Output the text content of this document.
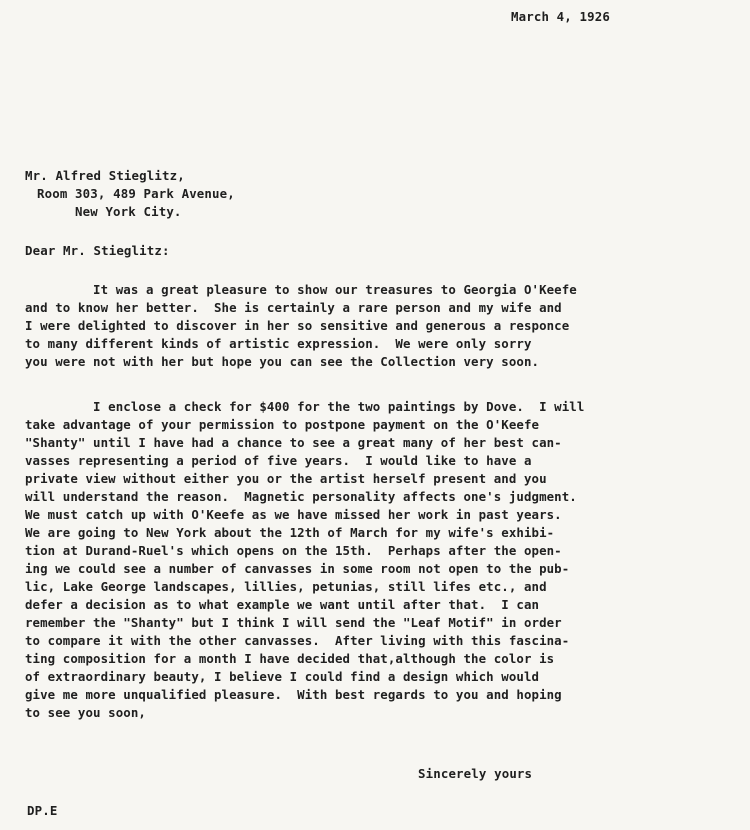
March 4, 1926
Mr. Alfred Stieglitz,
Room 303, 489 Park Avenue,
New York City.
Dear Mr. Stieglitz:
It was a great pleasure to show our treasures to Georgia O'Keefe
and to know her better.  She is certainly a rare person and my wife and
I were delighted to discover in her so sensitive and generous a responce
to many different kinds of artistic expression.  We were only sorry
you were not with her but hope you can see the Collection very soon.
I enclose a check for $400 for the two paintings by Dove.  I will
take advantage of your permission to postpone payment on the O'Keefe
"Shanty" until I have had a chance to see a great many of her best can-
vasses representing a period of five years.  I would like to have a
private view without either you or the artist herself present and you
will understand the reason.  Magnetic personality affects one's judgment.
We must catch up with O'Keefe as we have missed her work in past years.
We are going to New York about the 12th of March for my wife's exhibi-
tion at Durand-Ruel's which opens on the 15th.  Perhaps after the open-
ing we could see a number of canvasses in some room not open to the pub-
lic, Lake George landscapes, lillies, petunias, still lifes etc., and
defer a decision as to what example we want until after that.  I can
remember the "Shanty" but I think I will send the "Leaf Motif" in order
to compare it with the other canvasses.  After living with this fascina-
ting composition for a month I have decided that,although the color is
of extraordinary beauty, I believe I could find a design which would
give me more unqualified pleasure.  With best regards to you and hoping
to see you soon,
Sincerely yours
DP.E
